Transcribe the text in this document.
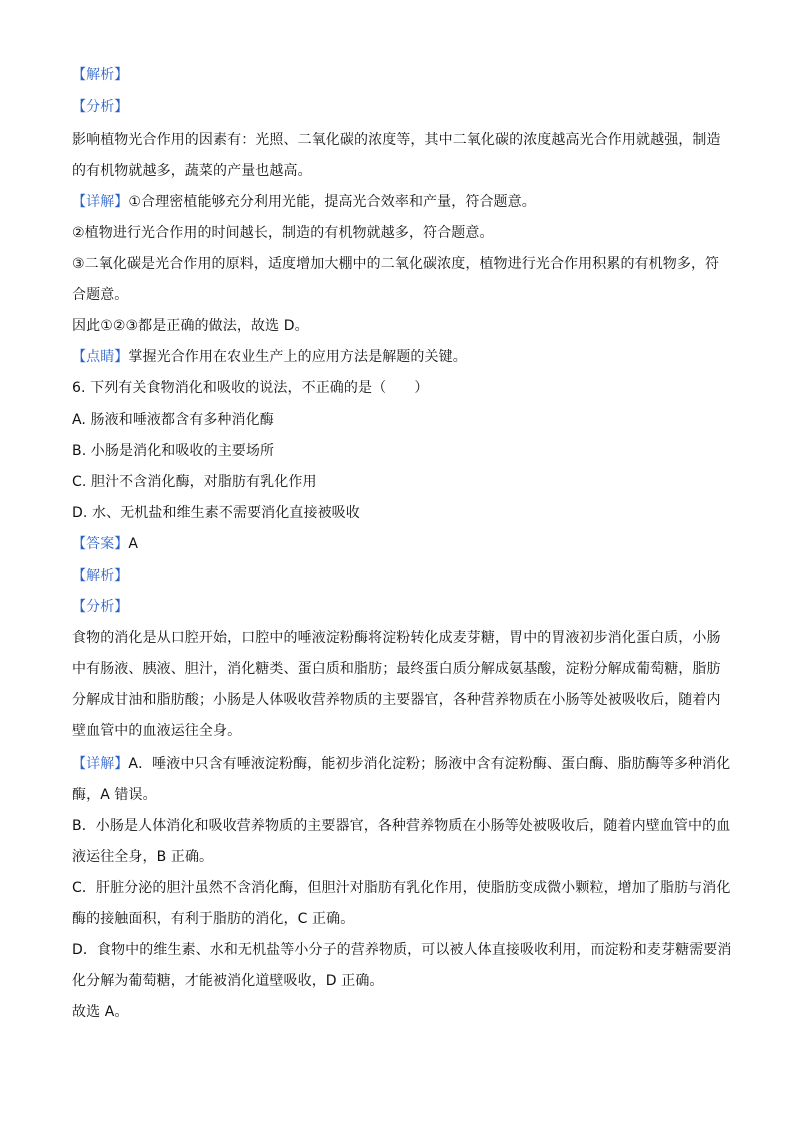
【解析】
【分析】
影响植物光合作用的因素有：光照、二氧化碳的浓度等，其中二氧化碳的浓度越高光合作用就越强，制造
的有机物就越多，蔬菜的产量也越高。
【详解】①合理密植能够充分利用光能，提高光合效率和产量，符合题意。
②植物进行光合作用的时间越长，制造的有机物就越多，符合题意。
③二氧化碳是光合作用的原料，适度增加大棚中的二氧化碳浓度，植物进行光合作用积累的有机物多，符
合题意。
因此①②③都是正确的做法，故选 D。
【点睛】掌握光合作用在农业生产上的应用方法是解题的关键。
6. 下列有关食物消化和吸收的说法，不正确的是（　　）
A. 肠液和唾液都含有多种消化酶
B. 小肠是消化和吸收的主要场所
C. 胆汁不含消化酶，对脂肪有乳化作用
D. 水、无机盐和维生素不需要消化直接被吸收
【答案】A
【解析】
【分析】
食物的消化是从口腔开始，口腔中的唾液淀粉酶将淀粉转化成麦芽糖，胃中的胃液初步消化蛋白质，小肠
中有肠液、胰液、胆汁，消化糖类、蛋白质和脂肪；最终蛋白质分解成氨基酸，淀粉分解成葡萄糖，脂肪
分解成甘油和脂肪酸；小肠是人体吸收营养物质的主要器官，各种营养物质在小肠等处被吸收后，随着内
壁血管中的血液运往全身。
【详解】A．唾液中只含有唾液淀粉酶，能初步消化淀粉；肠液中含有淀粉酶、蛋白酶、脂肪酶等多种消化
酶，A 错误。
B．小肠是人体消化和吸收营养物质的主要器官，各种营养物质在小肠等处被吸收后，随着内壁血管中的血
液运往全身，B 正确。
C．肝脏分泌的胆汁虽然不含消化酶，但胆汁对脂肪有乳化作用，使脂肪变成微小颗粒，增加了脂肪与消化
酶的接触面积，有利于脂肪的消化，C 正确。
D．食物中的维生素、水和无机盐等小分子的营养物质，可以被人体直接吸收利用，而淀粉和麦芽糖需要消
化分解为葡萄糖，才能被消化道壁吸收，D 正确。
故选 A。
